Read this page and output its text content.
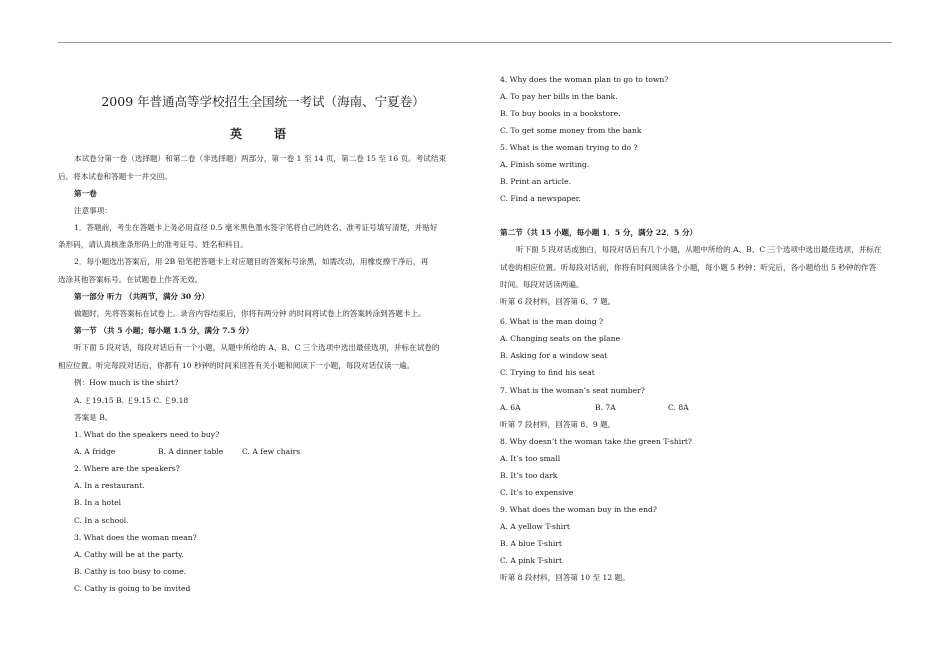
2009 年普通高等学校招生全国统一考试（海南、宁夏卷）
英　语
本试卷分第一卷（选择题）和第二卷（非选择题）两部分，第一卷 1 至 14 页，第二卷 15 至 16 页。考试结束
后，将本试卷和答题卡一并交回。
第一卷
注意事项：
1．答题前，考生在答题卡上务必用直径 0.5 毫米黑色墨水签字笔将自己的姓名、准考证号填写清楚，并贴好
条形码，请认真核准条形码上的准考证号、姓名和科目。
2．每小题选出答案后，用 2B 铅笔把答题卡上对应题目的答案标号涂黑，如需改动，用橡皮擦干净后，再
选涂其他答案标号。在试题卷上作答无效。
第一部分 听力 （共两节，满分 30 分）
做题时，先将答案标在试卷上。录音内容结束后，你将有两分钟 的时间将试卷上的答案转涂到答题卡上。
第一节 （共 5 小题；每小题 1.5 分，满分 7.5 分）
听下面 5 段对话，每段对话后有一个小题，从题中所给的 A、B、C 三个选项中选出最佳选项，并标在试卷的
相应位置。听完每段对话后，你都有 10 秒钟的时间来回答有关小题和阅读下一小题，每段对话仅读一遍。
例：How much is the shirt?
A. ￡19.15 B. ￡9.15 C. ￡9.18
答案是 B。
1. What do the speakers need to buy?
A. A fridge	B. A dinner table C. A few chairs
2. Where are the speakers?
A. In a restaurant.
B. In a hotel
C. In a school.
3. What does the woman mean?
A. Cathy will be at the party.
B. Cathy is too busy to come.
C. Cathy is going to be invited
4. Why does the woman plan to go to town?
A. To pay her bills in the bank.
B. To buy books in a bookstore.
C. To get some money from the bank
5. What is the woman trying to do ?
A. Finish some writing.
B. Print an article.
C. Find a newspaper.
第二节（共 15 小题，每小题 1．5 分，满分 22．5 分）
听下面 5 段对话或独白，每段对话后有几个小题，从题中所给的 A、B、C 三个选项中选出最佳选项，并标在
试卷的相应位置。听每段对话前，你将有时间阅读各个小题，每小题 5 秒钟；听完后，各小题给出 5 秒钟的作答
时间。每段对话读两遍。
听第 6 段材料，回答第 6、7 题。
6. What is the man doing ?
A. Changing seats on the plane
B. Asking for a window seat
C. Trying to find his seat
7. What is the woman’s seat number?
A. 6A	B. 7A	C. 8A
听第 7 段材料，回答第 8、9 题。
8. Why doesn’t the woman take the green T-shirt?
A. It’s too small
B. It’s too dark
C. It’s to expensive
9. What does the woman buy in the end?
A. A yellow T-shirt
B. A blue T-shirt
C. A pink T-shirt
听第 8 段材料，回答第 10 至 12 题。
